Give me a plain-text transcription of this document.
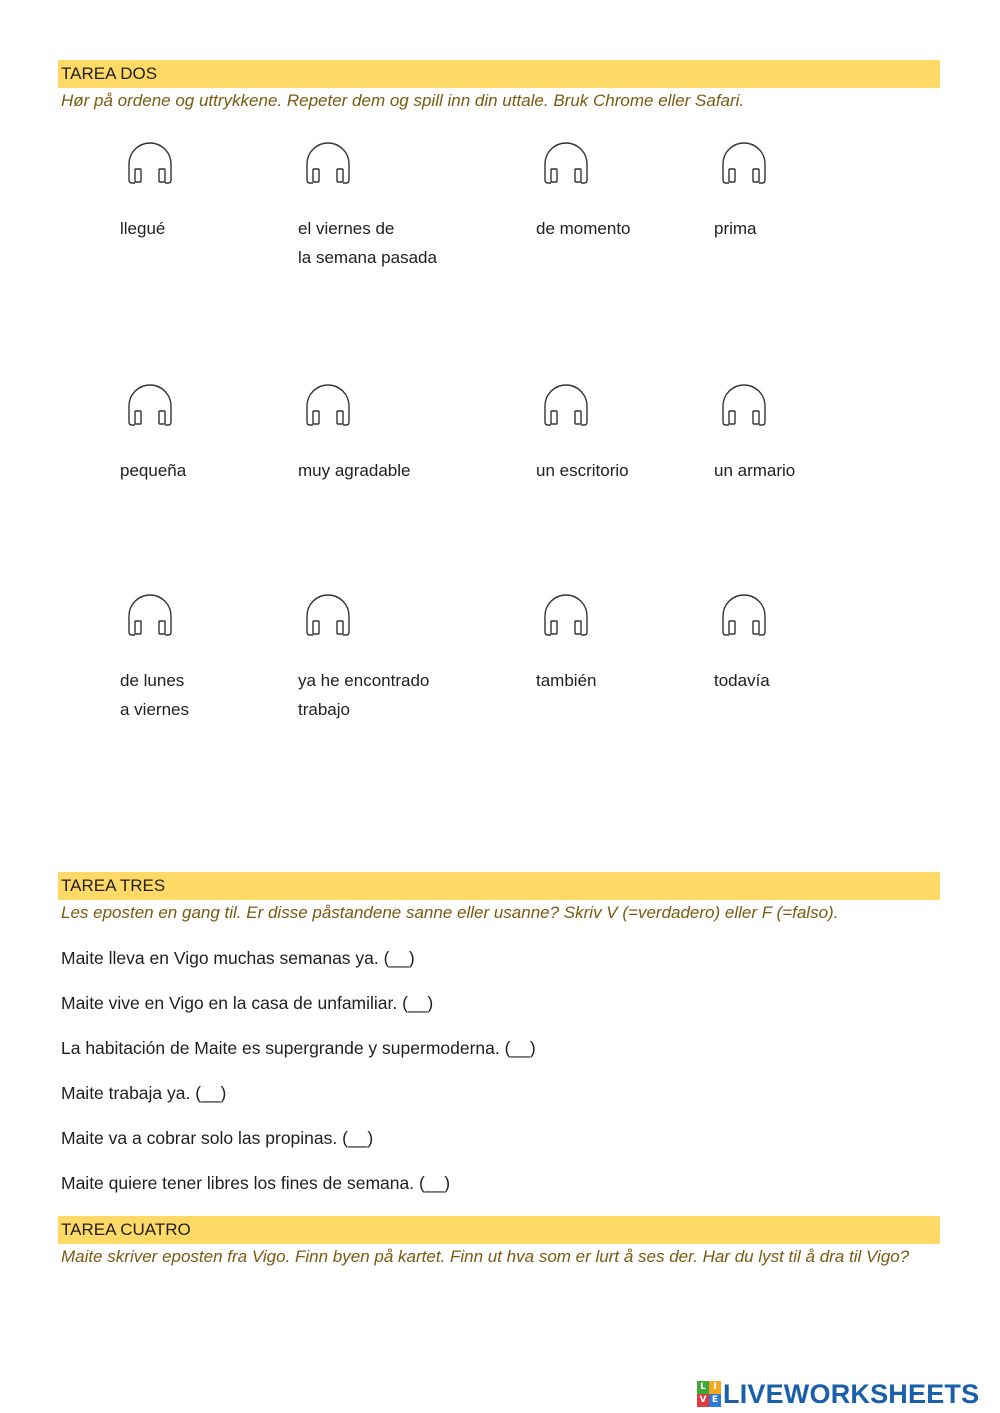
TAREA DOS
Hør på ordene og uttrykkene. Repeter dem og spill inn din uttale. Bruk Chrome eller Safari.
llegué	el viernes de
la semana pasada
de momento	prima
pequeña	muy agradable	un escritorio	un armario
de lunes
a viernes
ya he encontrado
trabajo
también	todavía
TAREA TRES
Les eposten en gang til. Er disse påstandene sanne eller usanne? Skriv V (=verdadero) eller F (=falso).
Maite lleva en Vigo muchas semanas ya. (__)
Maite vive en Vigo en la casa de unfamiliar. (__)
La habitación de Maite es supergrande y supermoderna. (__)
Maite trabaja ya. (__)
Maite va a cobrar solo las propinas. (__)
Maite quiere tener libres los fines de semana. (__)
TAREA CUATRO
Maite skriver eposten fra Vigo. Finn byen på kartet. Finn ut hva som er lurt å ses der. Har du lyst til å dra til Vigo?
L I
V E LIVEWORKSHEETS
